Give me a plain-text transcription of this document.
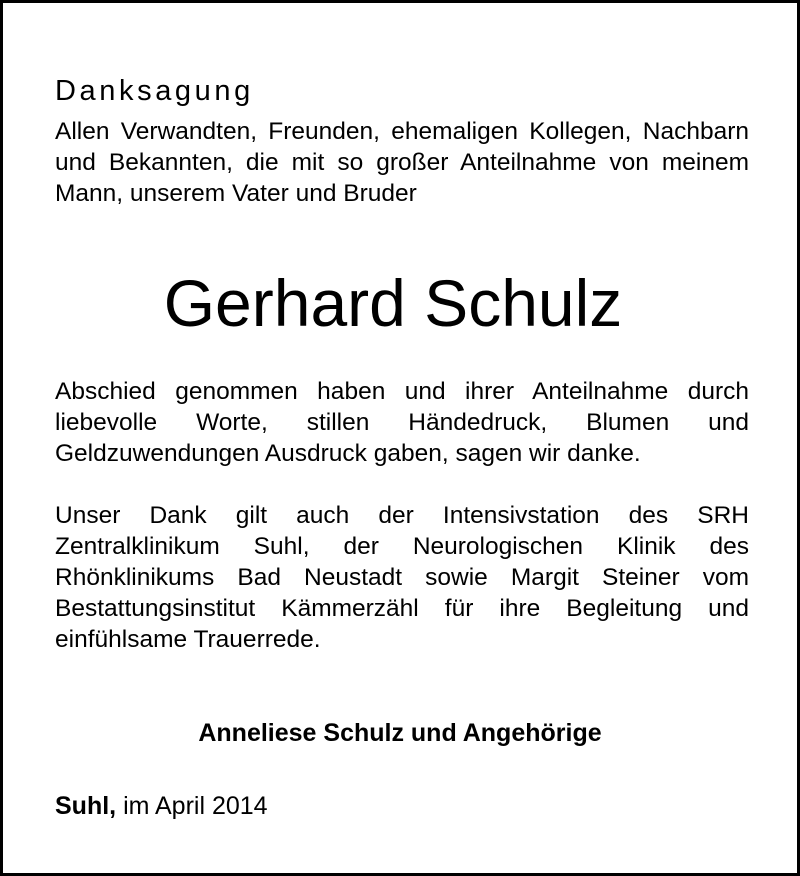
Danksagung

Allen Verwandten, Freunden, ehemaligen Kollegen, Nachbarn und Bekannten, die mit so großer Anteilnahme von meinem Mann, unserem Vater und Bruder

Gerhard Schulz

Abschied genommen haben und ihrer Anteilnahme durch liebevolle Worte, stillen Händedruck, Blumen und Geldzuwendungen Ausdruck gaben, sagen wir danke.

Unser Dank gilt auch der Intensivstation des SRH Zentralklinikum Suhl, der Neurologischen Klinik des Rhönklinikums Bad Neustadt sowie Margit Steiner vom Bestattungsinstitut Kämmerzähl für ihre Begleitung und einfühlsame Trauerrede.

Anneliese Schulz und Angehörige
Suhl, im April 2014
